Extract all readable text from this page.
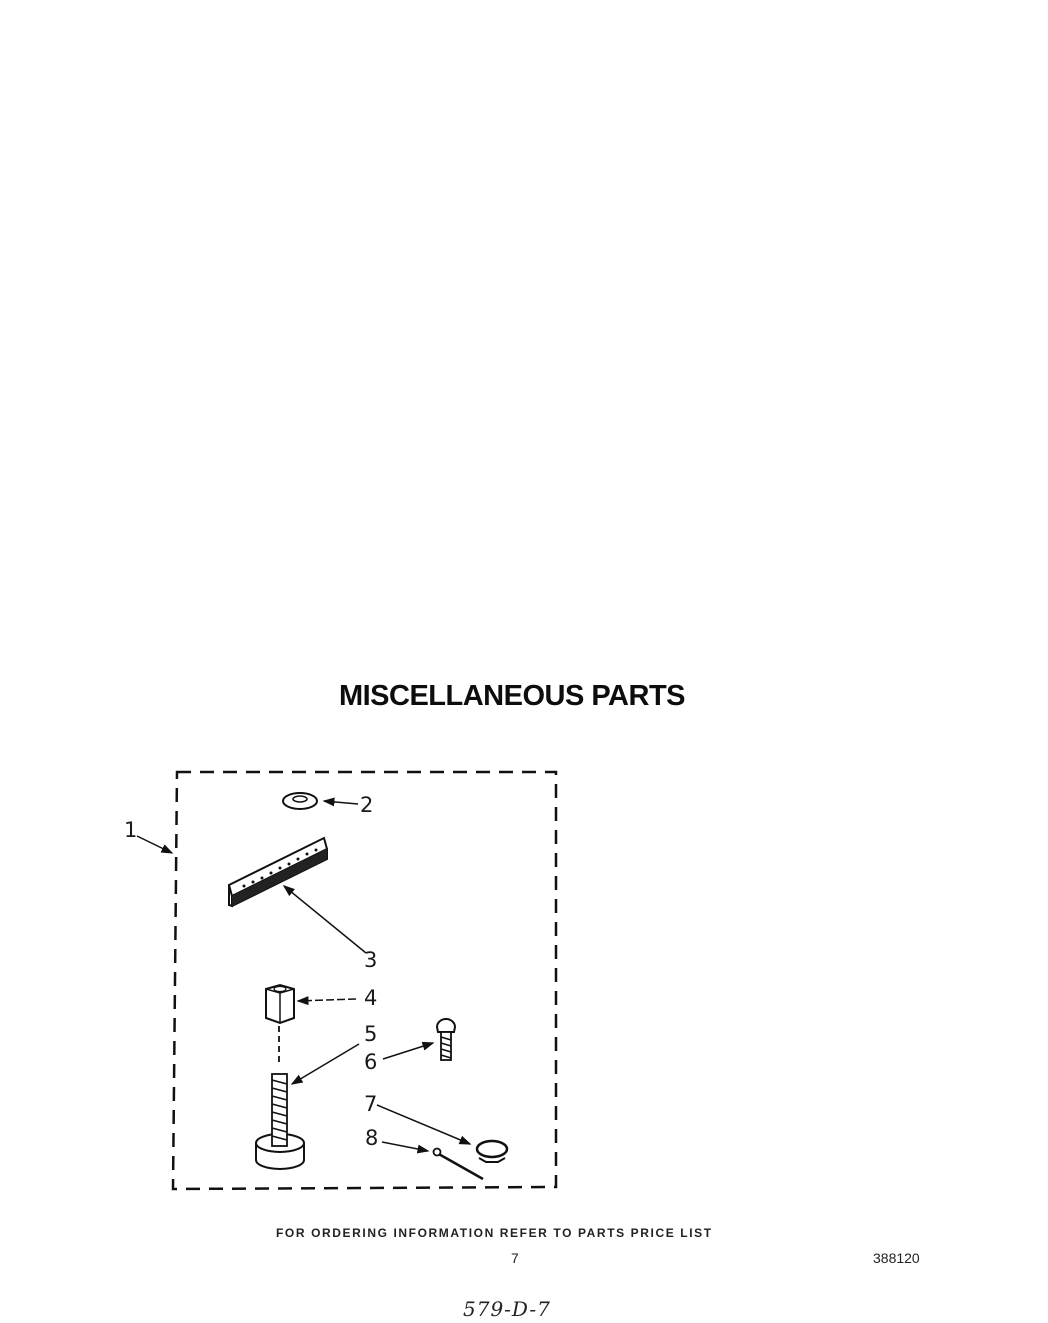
MISCELLANEOUS PARTS
1
2
3
4
5
6
7
8
FOR ORDERING INFORMATION REFER TO PARTS PRICE LIST
7	388120
579-D-7
